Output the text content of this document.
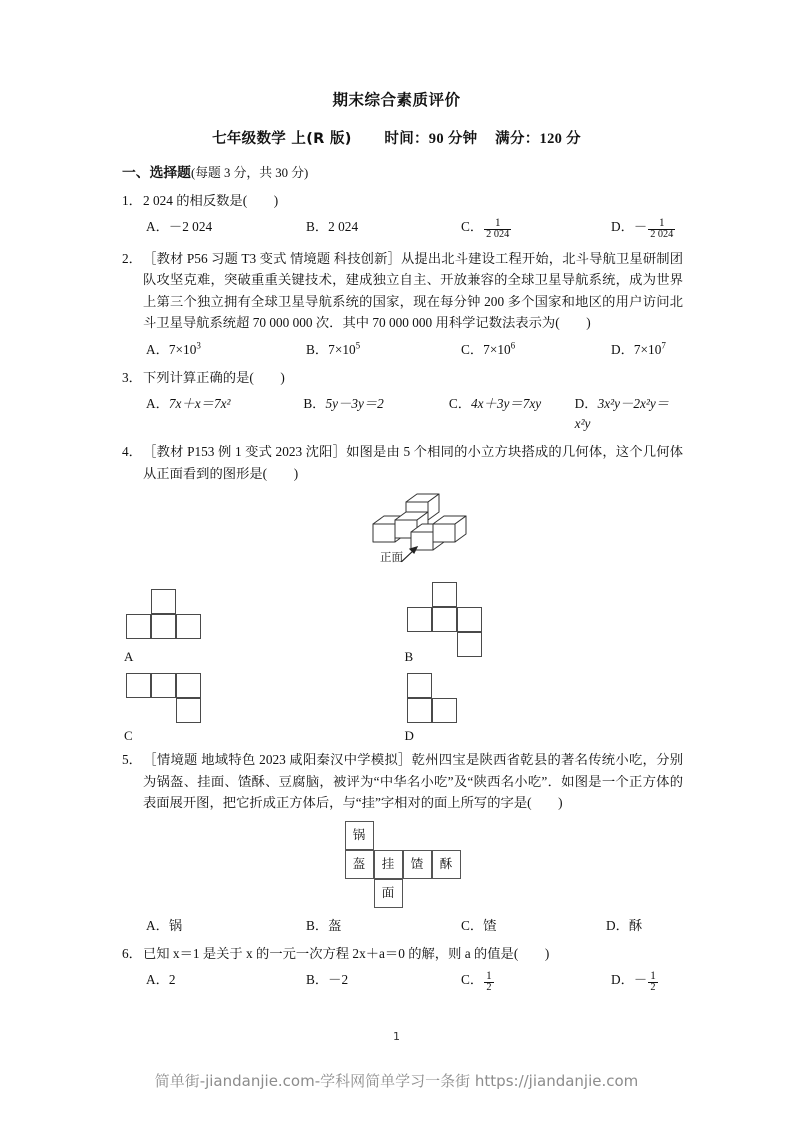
期末综合素质评价
七年级数学 上(R 版) 时间：90 分钟 满分：120 分
一、选择题(每题 3 分，共 30 分)
1．2 024 的相反数是(　　)
A．－2 024	B．2 024	C． $\frac{1}{2 024}$	D．－ $\frac{1}{2 024}$
2．［教材 P56 习题 T3 变式 情境题 科技创新］从提出北斗建设工程开始，北斗导航卫星研制团队攻坚克难，突破重重关键技术，建成独立自主、开放兼容的全球卫星导航系统，成为世界上第三个独立拥有全球卫星导航系统的国家，现在每分钟 200 多个国家和地区的用户访问北斗卫星导航系统超 70 000 000 次．其中 70 000 000 用科学记数法表示为(　　)
A．$7\times 10^3$	B．$7\times 10^5$	C．$7\times 10^6$	D．$7\times 10^7$
3．下列计算正确的是(　　)
A．7x＋x＝7x²	B．5y－3y＝2	C．4x＋3y＝7xy	D．3x²y－2x²y＝x²y
4．［教材 P153 例 1 变式 2023 沈阳］如图是由 5 个相同的小立方块搭成的几何体，这个几何体从正面看到的图形是(　　)
正面
A	B
C	D
5．［情境题 地域特色 2023 咸阳秦汉中学模拟］乾州四宝是陕西省乾县的著名传统小吃，分别为锅盔、挂面、馇酥、豆腐脑，被评为“中华名小吃”及“陕西名小吃”．如图是一个正方体的表面展开图，把它折成正方体后，与“挂”字相对的面上所写的字是(　　)
锅
盔	挂	馇	酥
面
A．锅	B．盔	C．馇	D．酥
6．已知 x＝1 是关于 x 的一元一次方程 2x＋a＝0 的解，则 a 的值是(　　)
A．2	B．－2	C． $\frac{1}{2}$	D．－ $\frac{1}{2}$
1
简单街-jiandanjie.com-学科网简单学习一条街 https://jiandanjie.com
